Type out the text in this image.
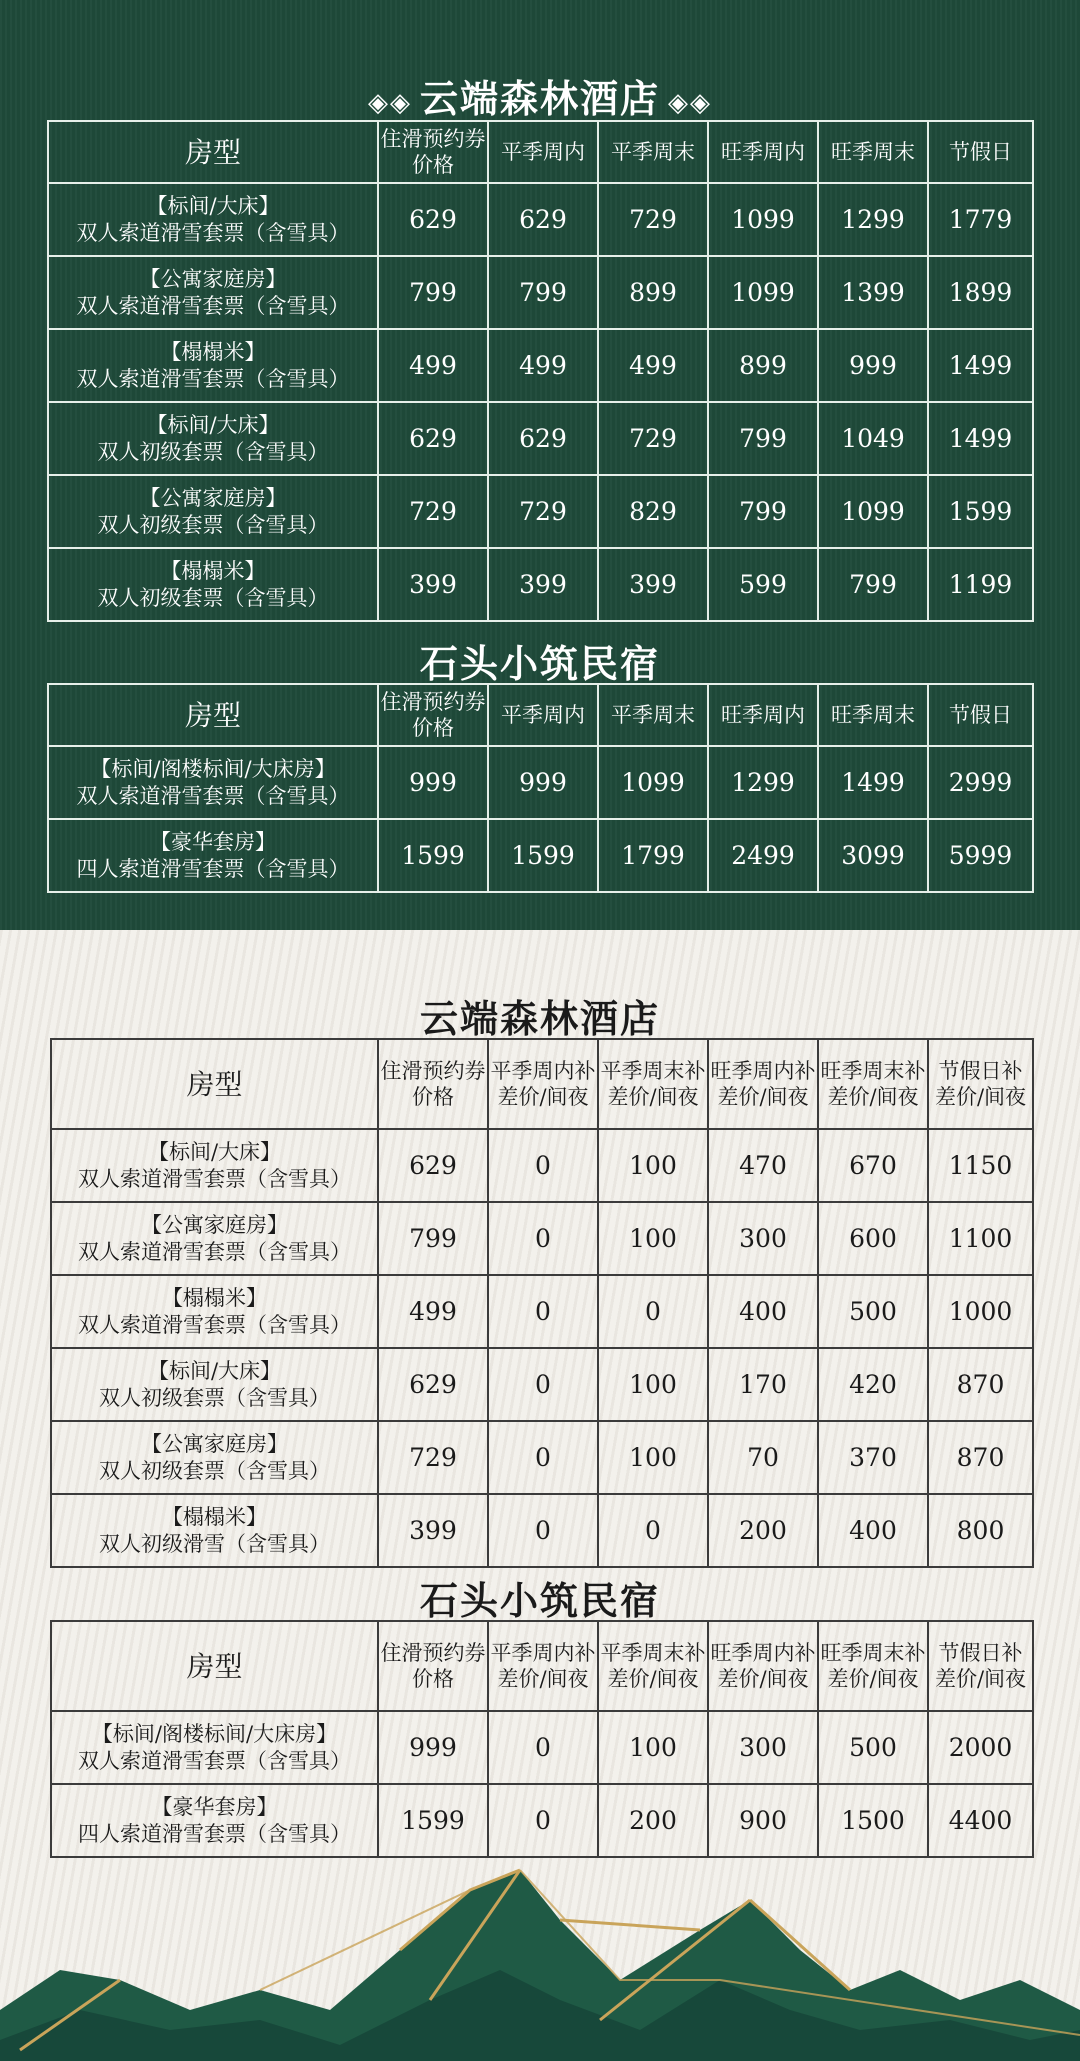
◈◈ 云端森林酒店 ◈◈
房型	住滑预约券价格	平季周内	平季周末	旺季周内	旺季周末	节假日

【标间/大床】
双人索道滑雪套票（含雪具）	629	629	729	1099	1299	1779

【公寓家庭房】
双人索道滑雪套票（含雪具）	799	799	899	1099	1399	1899

【榻榻米】
双人索道滑雪套票（含雪具）	499	499	499	899	999	1499

【标间/大床】
双人初级套票（含雪具）	629	629	729	799	1049	1499

【公寓家庭房】
双人初级套票（含雪具）	729	729	829	799	1099	1599

【榻榻米】
双人初级套票（含雪具）	399	399	399	599	799	1199
石头小筑民宿
房型	住滑预约券价格	平季周内	平季周末	旺季周内	旺季周末	节假日

【标间/阁楼标间/大床房】
双人索道滑雪套票（含雪具）	999	999	1099	1299	1499	2999

【豪华套房】
四人索道滑雪套票（含雪具）	1599	1599	1799	2499	3099	5999
云端森林酒店
房型	住滑预约券价格	平季周内补差价/间夜	平季周末补差价/间夜	旺季周内补差价/间夜	旺季周末补差价/间夜	节假日补差价/间夜

【标间/大床】
双人索道滑雪套票（含雪具）	629	0	100	470	670	1150

【公寓家庭房】
双人索道滑雪套票（含雪具）	799	0	100	300	600	1100

【榻榻米】
双人索道滑雪套票（含雪具）	499	0	0	400	500	1000

【标间/大床】
双人初级套票（含雪具）	629	0	100	170	420	870

【公寓家庭房】
双人初级套票（含雪具）	729	0	100	70	370	870

【榻榻米】
双人初级滑雪（含雪具）	399	0	0	200	400	800
石头小筑民宿
房型	住滑预约券价格	平季周内补差价/间夜	平季周末补差价/间夜	旺季周内补差价/间夜	旺季周末补差价/间夜	节假日补差价/间夜

【标间/阁楼标间/大床房】
双人索道滑雪套票（含雪具）	999	0	100	300	500	2000

【豪华套房】
四人索道滑雪套票（含雪具）	1599	0	200	900	1500	4400
